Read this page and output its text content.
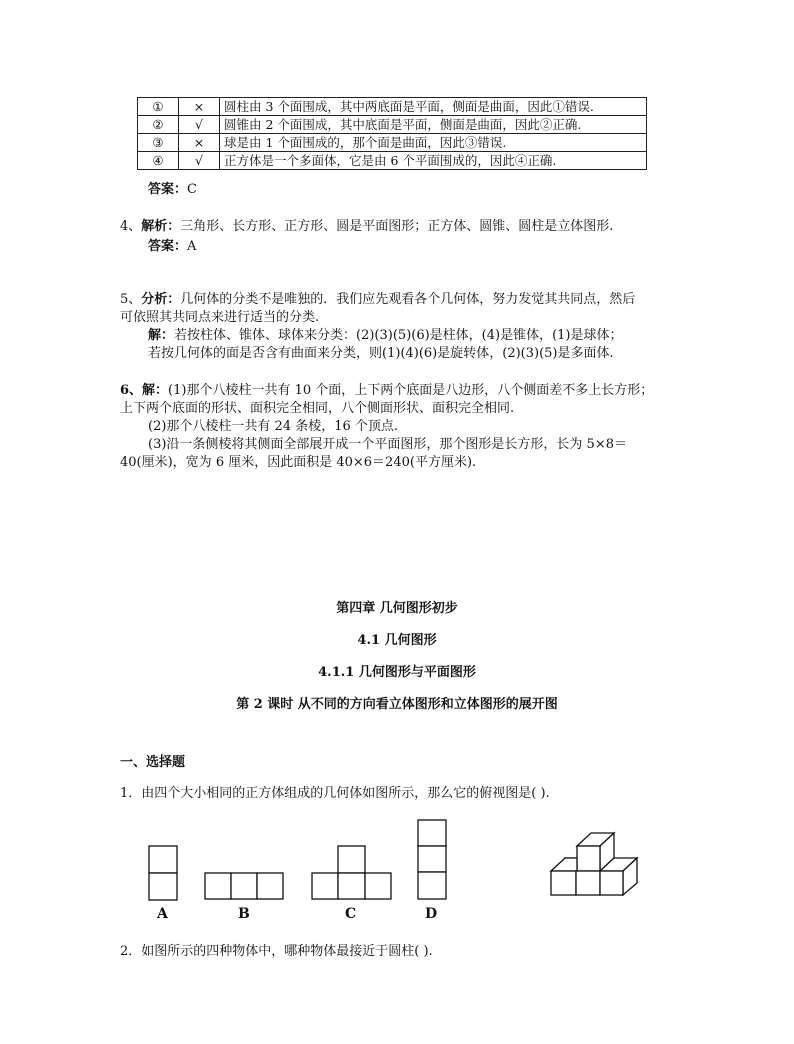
①	×	圆柱由 3 个面围成，其中两底面是平面，侧面是曲面，因此①错误.
②	√	圆锥由 2 个面围成，其中底面是平面，侧面是曲面，因此②正确.
③	×	球是由 1 个面围成的，那个面是曲面，因此③错误.
④	√	正方体是一个多面体，它是由 6 个平面围成的，因此④正确.
答案：C
4、解析：三角形、长方形、正方形、圆是平面图形；正方体、圆锥、圆柱是立体图形.
答案：A
5、分析：几何体的分类不是唯独的．我们应先观看各个几何体，努力发觉其共同点，然后
可依照其共同点来进行适当的分类.
解：若按柱体、锥体、球体来分类：(2)(3)(5)(6)是柱体，(4)是锥体，(1)是球体；
若按几何体的面是否含有曲面来分类，则(1)(4)(6)是旋转体，(2)(3)(5)是多面体.
6、解：(1)那个八棱柱一共有 10 个面，上下两个底面是八边形，八个侧面差不多上长方形；
上下两个底面的形状、面积完全相同，八个侧面形状、面积完全相同.
(2)那个八棱柱一共有 24 条棱，16 个顶点.
(3)沿一条侧棱将其侧面全部展开成一个平面图形，那个图形是长方形，长为 5×8＝
40(厘米)，宽为 6 厘米，因此面积是 40×6＝240(平方厘米).
第四章 几何图形初步
4.1 几何图形
4.1.1 几何图形与平面图形
第 2 课时 从不同的方向看立体图形和立体图形的展开图
一、选择题
1．由四个大小相同的正方体组成的几何体如图所示，那么它的俯视图是( ).
A	B	C	D
2．如图所示的四种物体中，哪种物体最接近于圆柱( ).
